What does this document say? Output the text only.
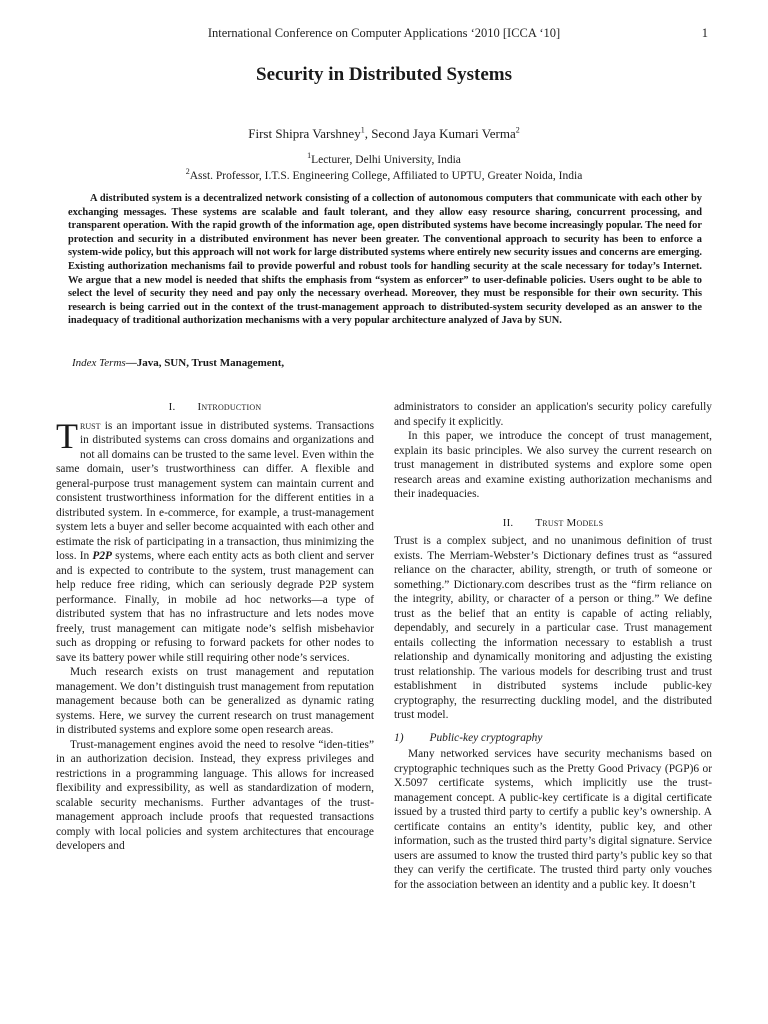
International Conference on Computer Applications ‘2010 [ICCA ‘10]	1
Security in Distributed Systems
First Shipra Varshney$^1$, Second Jaya Kumari Verma$^2$
$^1$Lecturer, Delhi University, India
$^2$Asst. Professor, I.T.S. Engineering College, Affiliated to UPTU, Greater Noida, India

A distributed system is a decentralized network consisting of a collection of autonomous computers that communicate with each other by exchanging messages. These systems are scalable and fault tolerant, and they allow easy resource sharing, concurrent processing, and transparent operation. With the rapid growth of the information age, open distributed systems have become increasingly popular. The need for protection and security in a distributed environment has never been greater. The conventional approach to security has been to enforce a system-wide policy, but this approach will not work for large distributed systems where entirely new security issues and concerns are emerging. Existing authorization mechanisms fail to provide powerful and robust tools for handling security at the scale necessary for today’s Internet. We argue that a new model is needed that shifts the emphasis from “system as enforcer” to user-definable policies. Users ought to be able to select the level of security they need and pay only the necessary overhead. Moreover, they must be responsible for their own security. This research is being carried out in the context of the trust-management approach to distributed-system security developed as an answer to the inadequacy of traditional authorization mechanisms with a very popular architecture analyzed of Java by SUN.

Index Terms—Java, SUN, Trust Management,
I. Introduction

Trust is an important issue in distributed systems. Transactions in distributed systems can cross domains and organizations and not all domains can be trusted to the same level. Even within the same domain, user’s trustworthiness can differ. A flexible and general-purpose trust management system can maintain current and consistent trustworthiness information for the different entities in a distributed system. In e-commerce, for example, a trust-management system lets a buyer and seller become acquainted with each other and estimate the risk of participating in a transaction, thus minimizing the loss. In P2P systems, where each entity acts as both client and server and is expected to contribute to the system, trust management can help reduce free riding, which can seriously degrade P2P system performance. Finally, in mobile ad hoc networks—a type of distributed system that has no infrastructure and lets nodes move freely, trust management can mitigate node’s selfish misbehavior such as dropping or refusing to forward packets for other nodes to save its battery power while still requiring other node’s services.

Much research exists on trust management and reputation management. We don’t distinguish trust management from reputation management because both can be generalized as dynamic rating systems. Here, we survey the current research on trust management in distributed systems and explore some open research areas.

Trust-management engines avoid the need to resolve “iden-tities” in an authorization decision. Instead, they express privileges and restrictions in a programming language. This allows for increased flexibility and expressibility, as well as standardization of modern, scalable security mechanisms. Further advantages of the trust-management approach include proofs that requested transactions comply with local policies and system architectures that encourage developers and

administrators to consider an application's security policy carefully and specify it explicitly.

In this paper, we introduce the concept of trust management, explain its basic principles. We also survey the current research on trust management in distributed systems and explore some open research areas and examine existing authorization mechanisms and their inadequacies.

II. Trust Models

Trust is a complex subject, and no unanimous definition of trust exists. The Merriam-Webster’s Dictionary defines trust as “assured reliance on the character, ability, strength, or truth of someone or something.” Dictionary.com describes trust as the “firm reliance on the integrity, ability, or character of a person or thing.” We define trust as the belief that an entity is capable of acting reliably, dependably, and securely in a particular case. Trust management entails collecting the information necessary to establish a trust relationship and dynamically monitoring and adjusting the existing trust relationship. The various models for describing trust and trust establishment in distributed systems include public-key cryptography, the resurrecting duckling model, and the distributed trust model.

1) Public-key cryptography

Many networked services have security mechanisms based on cryptographic techniques such as the Pretty Good Privacy (PGP)6 or X.5097 certificate systems, which implicitly use the trust-management concept. A public-key certificate is a digital certificate issued by a trusted third party to certify a public key’s ownership. A certificate contains an entity’s identity, public key, and other information, such as the trusted third party’s digital signature. Service users are assumed to know the trusted third party’s public key so that they can verify the certificate. The trusted third party only vouches for the association between an identity and a public key. It doesn’t
